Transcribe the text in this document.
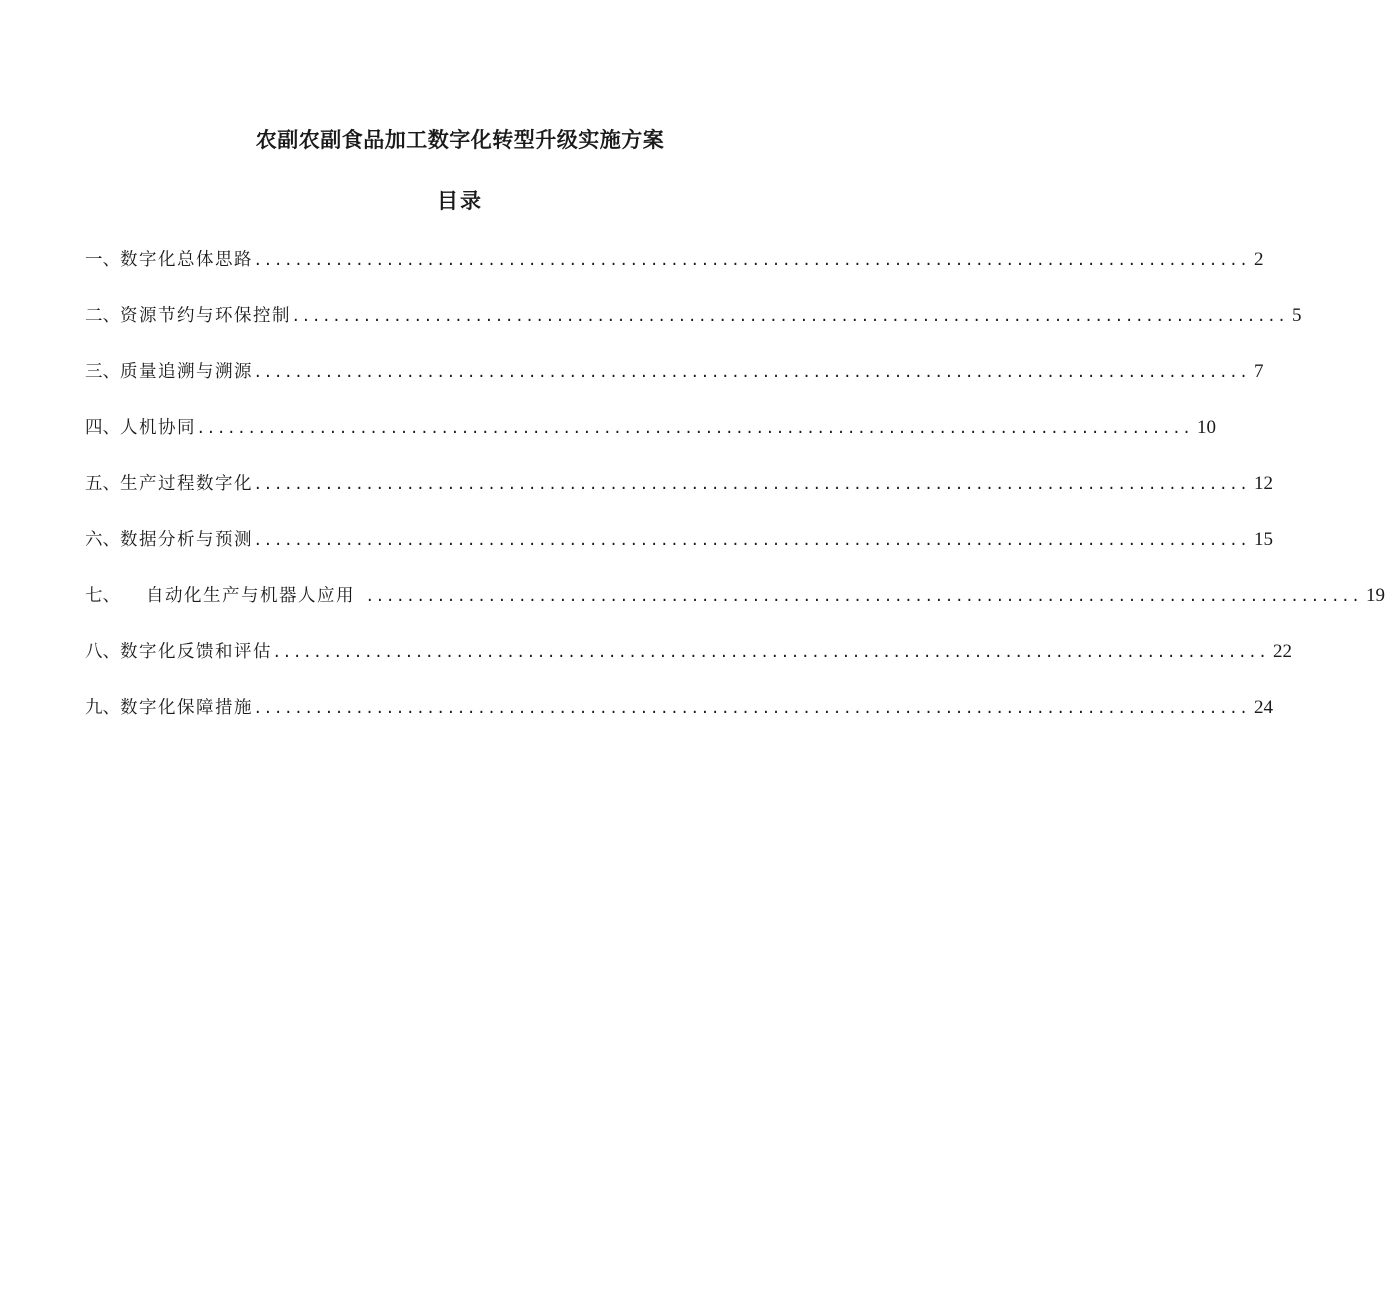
农副农副食品加工数字化转型升级实施方案
目录
一、 数字化总体思路 .................................................................................................. 2
二、 资源节约与环保控制 .................................................................................................. 5
三、 质量追溯与溯源 .................................................................................................. 7
四、 人机协同 .................................................................................................. 10
五、 生产过程数字化 .................................................................................................. 12
六、 数据分析与预测 .................................................................................................. 15
七、 自动化生产与机器人应用 .................................................................................................. 19
八、 数字化反馈和评估 .................................................................................................. 22
九、 数字化保障措施 .................................................................................................. 24
